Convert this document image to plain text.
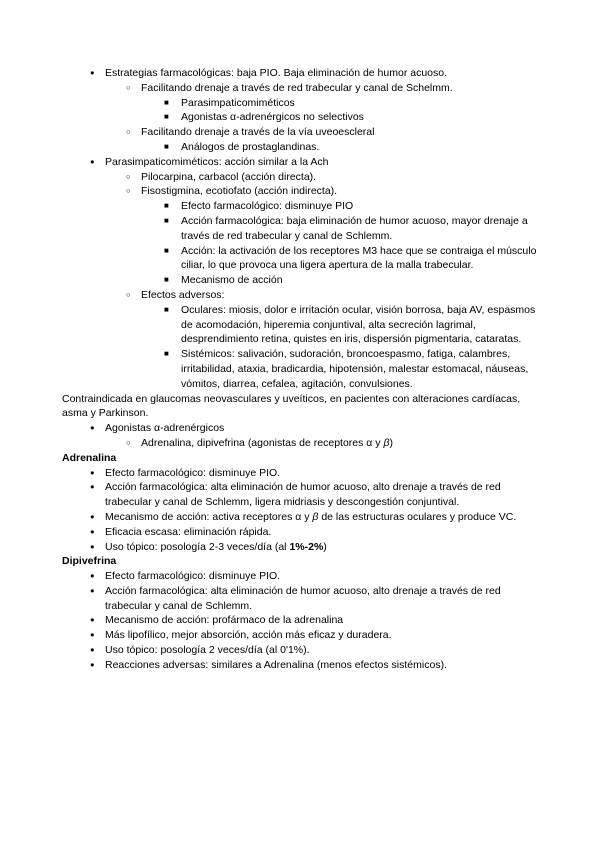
● Estrategias farmacológicas: baja PIO. Baja eliminación de humor acuoso.
○ Facilitando drenaje a través de red trabecular y canal de Schelmm.
■ Parasimpaticomiméticos
■ Agonistas α-adrenérgicos no selectivos
○ Facilitando drenaje a través de la vía uveoescleral
■ Análogos de prostaglandinas.
● Parasimpaticomiméticos: acción similar a la Ach
○ Pilocarpina, carbacol (acción directa).
○ Fisostigmina, ecotiofato (acción indirecta).
■ Efecto farmacológico: disminuye PIO
■ Acción farmacológica: baja eliminación de humor acuoso, mayor drenaje a través de red trabecular y canal de Schlemm.
■ Acción: la activación de los receptores M3 hace que se contraiga el músculo ciliar, lo que provoca una ligera apertura de la malla trabecular.
■ Mecanismo de acción
○ Efectos adversos:
■ Oculares: miosis, dolor e irritación ocular, visión borrosa, baja AV, espasmos de acomodación, hiperemia conjuntival, alta secreción lagrimal, desprendimiento retina, quistes en iris, dispersión pigmentaria, cataratas.
■ Sistémicos: salivación, sudoración, broncoespasmo, fatiga, calambres, irritabilidad, ataxia, bradicardia, hipotensión, malestar estomacal, náuseas, vómitos, diarrea, cefalea, agitación, convulsiones.
Contraindicada en glaucomas neovasculares y uveíticos, en pacientes con alteraciones cardíacas, asma y Parkinson.
● Agonistas α-adrenérgicos
○ Adrenalina, dipivefrina (agonistas de receptores α y β)
Adrenalina
● Efecto farmacológico: disminuye PIO.
● Acción farmacológica: alta eliminación de humor acuoso, alto drenaje a través de red trabecular y canal de Schlemm, ligera midriasis y descongestión conjuntival.
● Mecanismo de acción: activa receptores α y β de las estructuras oculares y produce VC.
● Eficacia escasa: eliminación rápida.
● Uso tópico: posología 2-3 veces/día (al 1%-2%)
Dipivefrina
● Efecto farmacológico: disminuye PIO.
● Acción farmacológica: alta eliminación de humor acuoso, alto drenaje a través de red trabecular y canal de Schlemm.
● Mecanismo de acción: profármaco de la adrenalina
● Más lipofílico, mejor absorción, acción más eficaz y duradera.
● Uso tópico: posología 2 veces/día (al 0'1%).
● Reacciones adversas: similares a Adrenalina (menos efectos sistémicos).
